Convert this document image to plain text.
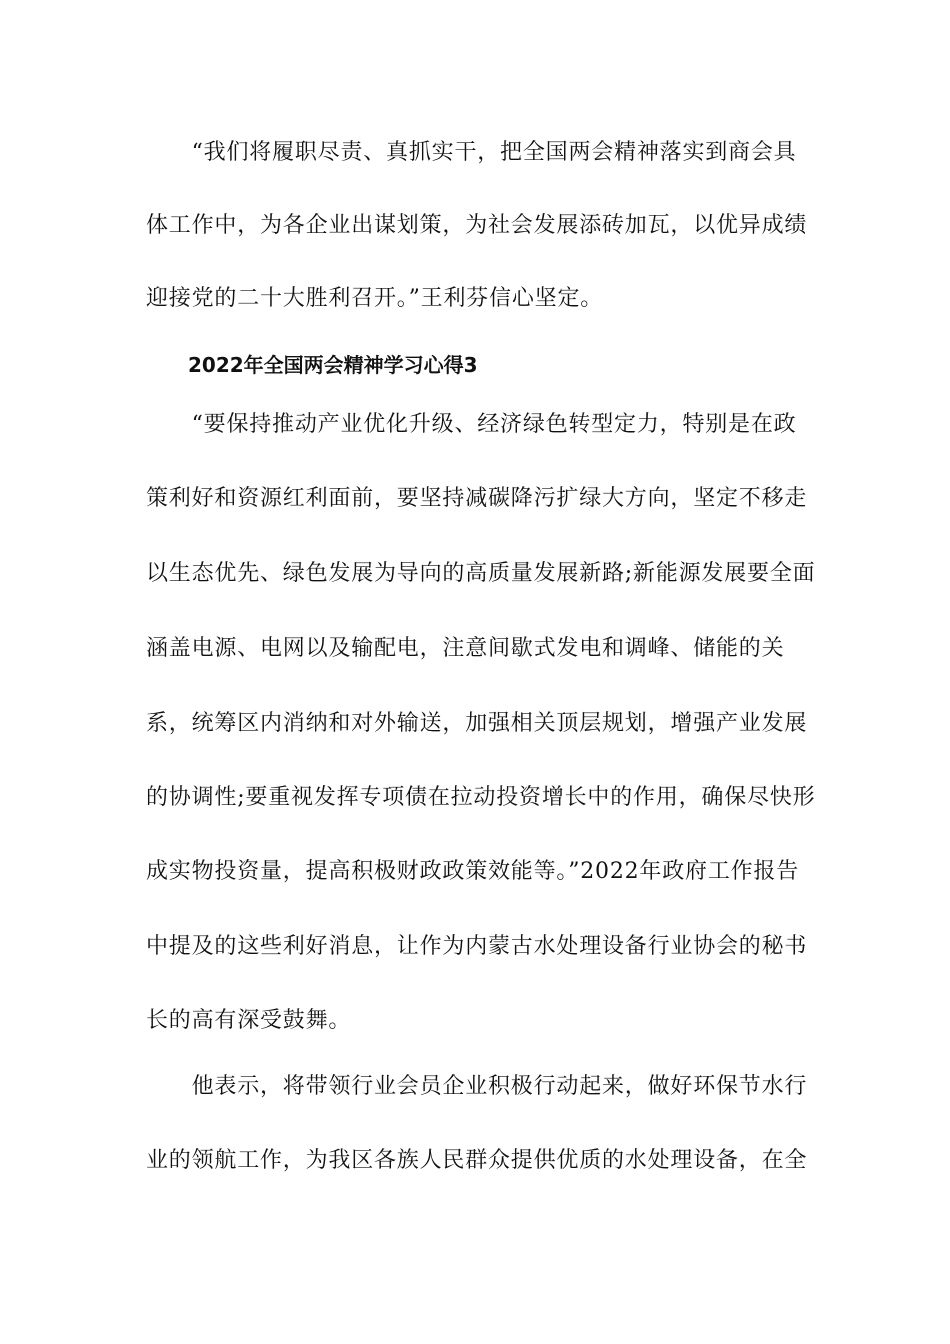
　　“我们将履职尽责、真抓实干，把全国两会精神落实到商会具
体工作中，为各企业出谋划策，为社会发展添砖加瓦，以优异成绩
迎接党的二十大胜利召开。”王利芬信心坚定。
2022年全国两会精神学习心得3
　　“要保持推动产业优化升级、经济绿色转型定力，特别是在政
策利好和资源红利面前，要坚持减碳降污扩绿大方向，坚定不移走
以生态优先、绿色发展为导向的高质量发展新路;新能源发展要全面
涵盖电源、电网以及输配电，注意间歇式发电和调峰、储能的关
系，统筹区内消纳和对外输送，加强相关顶层规划，增强产业发展
的协调性;要重视发挥专项债在拉动投资增长中的作用，确保尽快形
成实物投资量，提高积极财政政策效能等。”2022年政府工作报告
中提及的这些利好消息，让作为内蒙古水处理设备行业协会的秘书
长的高有深受鼓舞。
　　他表示，将带领行业会员企业积极行动起来，做好环保节水行
业的领航工作，为我区各族人民群众提供优质的水处理设备，在全
